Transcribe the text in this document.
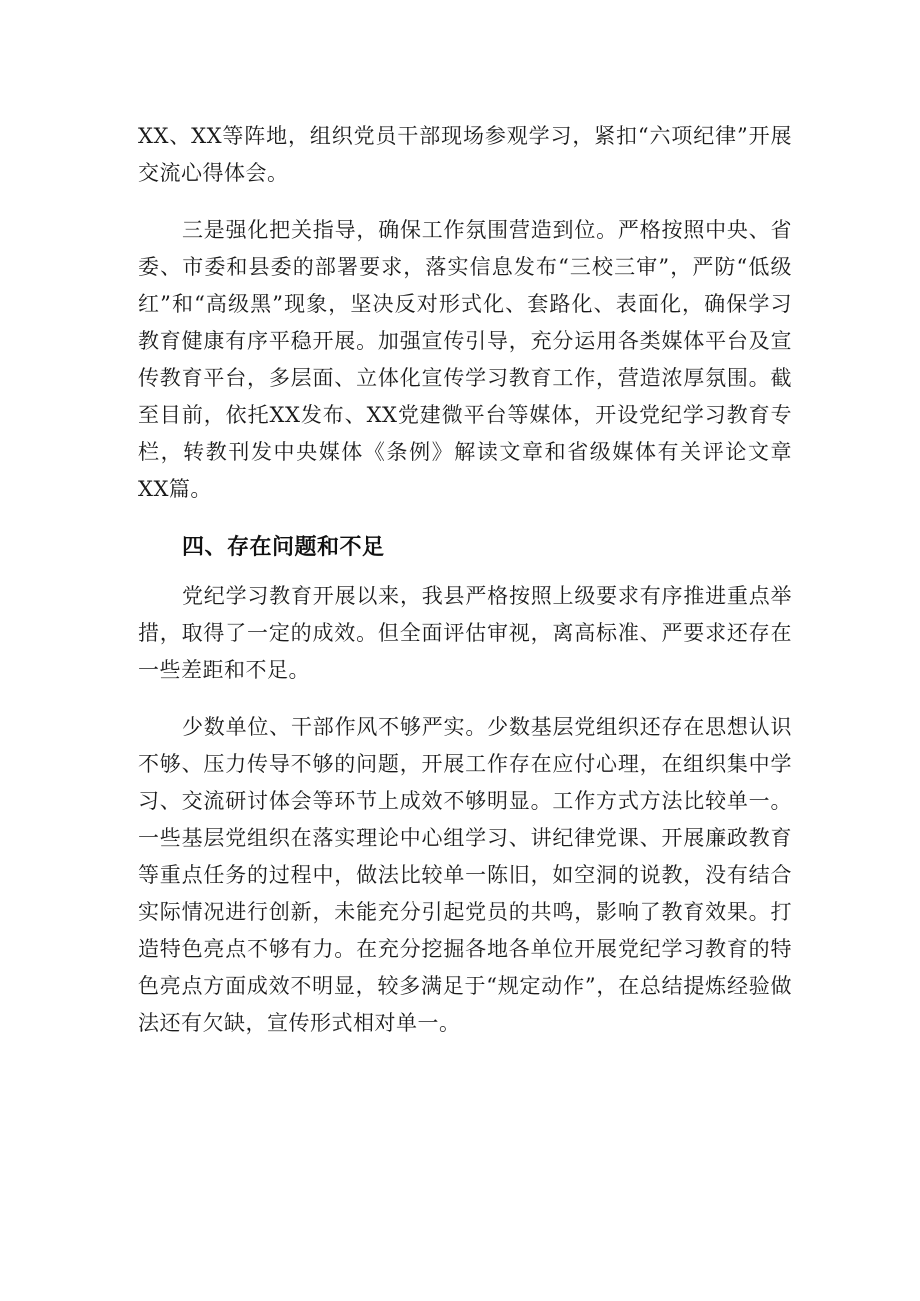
XX、XX等阵地，组织党员干部现场参观学习，紧扣“六项纪律”开展交流心得体会。

三是强化把关指导，确保工作氛围营造到位。严格按照中央、省委、市委和县委的部署要求，落实信息发布“三校三审”，严防“低级红”和“高级黑”现象，坚决反对形式化、套路化、表面化，确保学习教育健康有序平稳开展。加强宣传引导，充分运用各类媒体平台及宣传教育平台，多层面、立体化宣传学习教育工作，营造浓厚氛围。截至目前，依托XX发布、XX党建微平台等媒体，开设党纪学习教育专栏，转教刊发中央媒体《条例》解读文章和省级媒体有关评论文章XX篇。

四、存在问题和不足

党纪学习教育开展以来，我县严格按照上级要求有序推进重点举措，取得了一定的成效。但全面评估审视，离高标准、严要求还存在一些差距和不足。

少数单位、干部作风不够严实。少数基层党组织还存在思想认识不够、压力传导不够的问题，开展工作存在应付心理，在组织集中学习、交流研讨体会等环节上成效不够明显。工作方式方法比较单一。一些基层党组织在落实理论中心组学习、讲纪律党课、开展廉政教育等重点任务的过程中，做法比较单一陈旧，如空洞的说教，没有结合实际情况进行创新，未能充分引起党员的共鸣，影响了教育效果。打造特色亮点不够有力。在充分挖掘各地各单位开展党纪学习教育的特色亮点方面成效不明显，较多满足于“规定动作”，在总结提炼经验做法还有欠缺，宣传形式相对单一。
